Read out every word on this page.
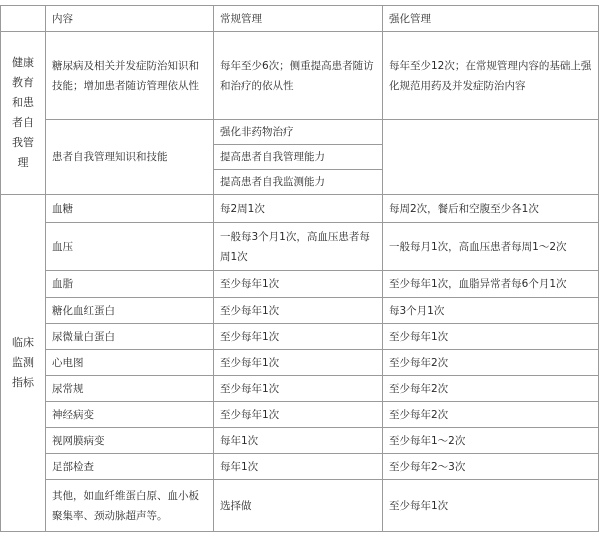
	内容	常规管理	强化管理
健康教育和患者自我管理	糖尿病及相关并发症防治知识和技能；增加患者随访管理依从性	每年至少6次；侧重提高患者随访和治疗的依从性	每年至少12次；在常规管理内容的基础上强化规范用药及并发症防治内容
	患者自我管理知识和技能	强化非药物治疗	
		提高患者自我管理能力	
		提高患者自我监测能力	
临床监测指标	血糖	每2周1次	每周2次，餐后和空腹至少各1次
	血压	一般每3个月1次，高血压患者每周1次	一般每月1次，高血压患者每周1～2次
	血脂	至少每年1次	至少每年1次，血脂异常者每6个月1次
	糖化血红蛋白	至少每年1次	每3个月1次
	尿微量白蛋白	至少每年1次	至少每年1次
	心电图	至少每年1次	至少每年2次
	尿常规	至少每年1次	至少每年2次
	神经病变	至少每年1次	至少每年2次
	视网膜病变	每年1次	至少每年1～2次
	足部检查	每年1次	至少每年2～3次
	其他，如血纤维蛋白原、血小板聚集率、颈动脉超声等。	选择做	至少每年1次
